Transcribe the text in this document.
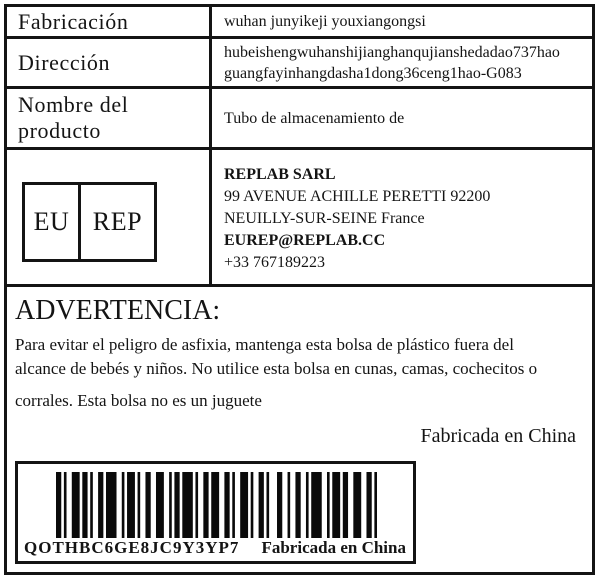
Fabricación	wuhan junyikeji youxiangongsi
Dirección	hubeishengwuhanshijianghanqujianshedadao737hao
guangfayinhangdasha1dong36ceng1hao-G083
Nombre del producto	Tubo de almacenamiento de
EU REP
REPLAB SARL
99 AVENUE ACHILLE PERETTI 92200
NEUILLY-SUR-SEINE France
EUREP@REPLAB.CC
+33 767189223
ADVERTENCIA:
Para evitar el peligro de asfixia, mantenga esta bolsa de plástico fuera del
alcance de bebés y niños. No utilice esta bolsa en cunas, camas, cochecitos o
corrales. Esta bolsa no es un juguete
Fabricada en China
QOTHBC6GE8JC9Y3YP7 Fabricada en China
